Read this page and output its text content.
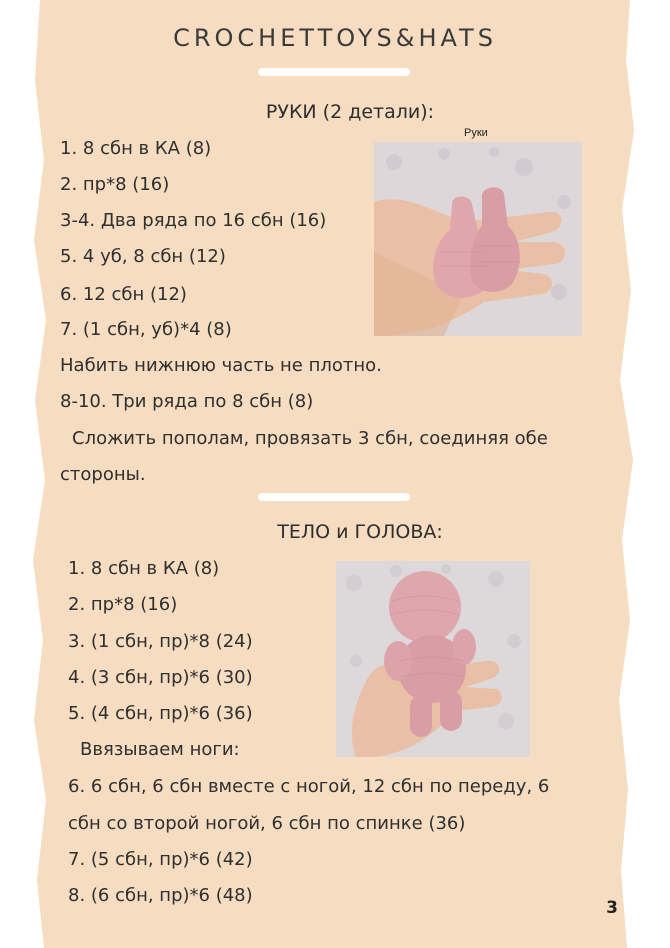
CROCHETTOYS&HATS
РУКИ (2 детали):
1. 8 сбн в КА (8)
2. пр*8 (16)
3-4. Два ряда по 16 сбн (16)
5. 4 уб, 8 сбн (12)
6. 12 сбн (12)
7. (1 сбн, уб)*4 (8)
Набить нижнюю часть не плотно.
8-10. Три ряда по 8 сбн (8)
Сложить пополам, провязать 3 сбн, соединяя обе
стороны.
Руки
ТЕЛО и ГОЛОВА:
1. 8 сбн в КА (8)
2. пр*8 (16)
3. (1 сбн, пр)*8 (24)
4. (3 сбн, пр)*6 (30)
5. (4 сбн, пр)*6 (36)
Ввязываем ноги:
6. 6 сбн, 6 сбн вместе с ногой, 12 сбн по переду, 6
сбн со второй ногой, 6 сбн по спинке (36)
7. (5 сбн, пр)*6 (42)
8. (6 сбн, пр)*6 (48)
3
